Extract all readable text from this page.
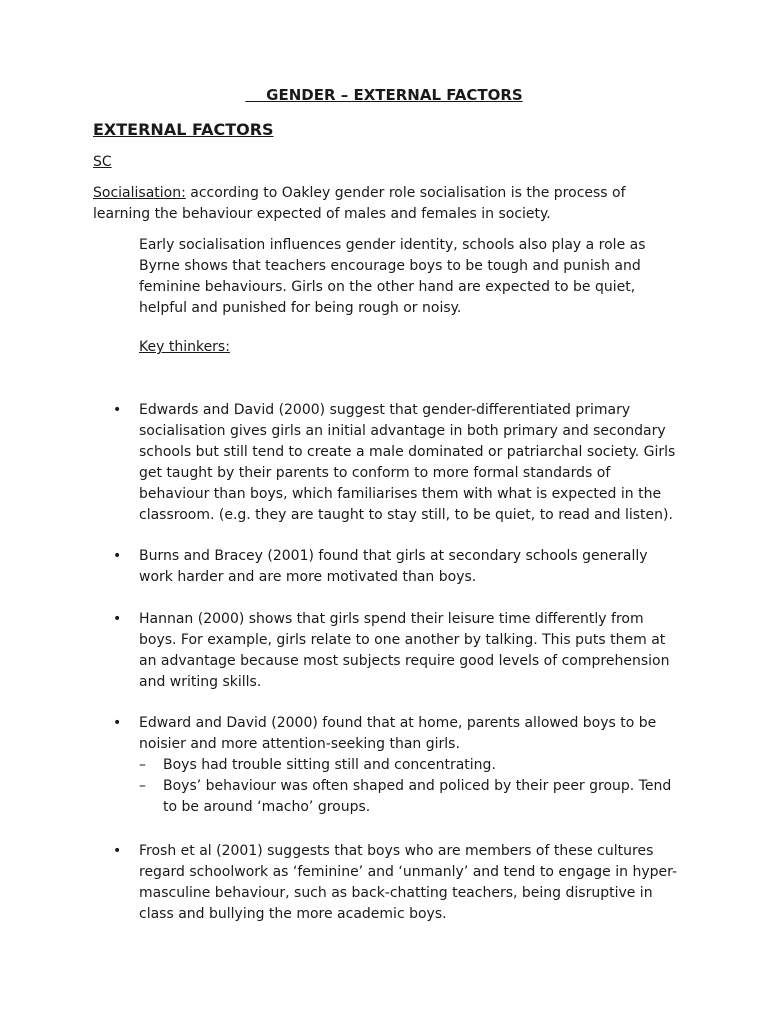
GENDER – EXTERNAL FACTORS
EXTERNAL FACTORS
SC
Socialisation: according to Oakley gender role socialisation is the process of learning the behaviour expected of males and females in society.
Early socialisation influences gender identity, schools also play a role as Byrne shows that teachers encourage boys to be tough and punish and feminine behaviours. Girls on the other hand are expected to be quiet, helpful and punished for being rough or noisy.
Key thinkers:
•	Edwards and David (2000) suggest that gender-differentiated primary socialisation gives girls an initial advantage in both primary and secondary schools but still tend to create a male dominated or patriarchal society. Girls get taught by their parents to conform to more formal standards of behaviour than boys, which familiarises them with what is expected in the classroom. (e.g. they are taught to stay still, to be quiet, to read and listen).
•	Burns and Bracey (2001) found that girls at secondary schools generally work harder and are more motivated than boys.
•	Hannan (2000) shows that girls spend their leisure time differently from boys. For example, girls relate to one another by talking. This puts them at an advantage because most subjects require good levels of comprehension and writing skills.
•	Edward and David (2000) found that at home, parents allowed boys to be noisier and more attention-seeking than girls.
– Boys had trouble sitting still and concentrating.
– Boys’ behaviour was often shaped and policed by their peer group. Tend to be around ‘macho’ groups.
•	Frosh et al (2001) suggests that boys who are members of these cultures regard schoolwork as ‘feminine’ and ‘unmanly’ and tend to engage in hyper-masculine behaviour, such as back-chatting teachers, being disruptive in class and bullying the more academic boys.
